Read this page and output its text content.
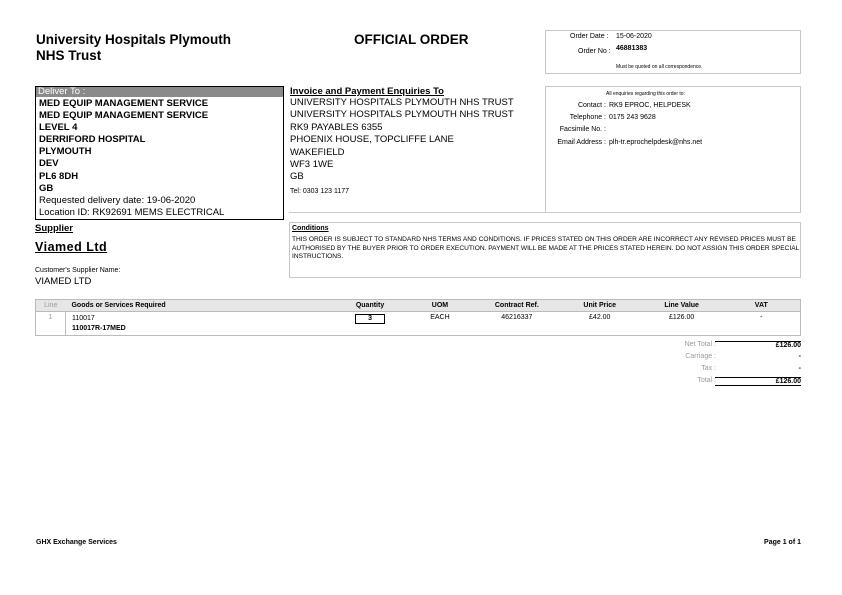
University Hospitals Plymouth
NHS Trust
OFFICIAL ORDER	Order Date : 15-06-2020
Order No : 46881383
Must be quoted on all correspondence.
Deliver To :
MED EQUIP MANAGEMENT SERVICE
MED EQUIP MANAGEMENT SERVICE
LEVEL 4
DERRIFORD HOSPITAL
PLYMOUTH
DEV
PL6 8DH
GB
Requested delivery date: 19-06-2020
Location ID: RK92691 MEMS ELECTRICAL
Invoice and Payment Enquiries To
UNIVERSITY HOSPITALS PLYMOUTH NHS TRUST
UNIVERSITY HOSPITALS PLYMOUTH NHS TRUST
RK9 PAYABLES 6355
PHOENIX HOUSE, TOPCLIFFE LANE
WAKEFIELD
WF3 1WE
GB
Tel: 0303 123 1177
All enquiries regarding this order to:
Contact : RK9 EPROC, HELPDESK
Telephone : 0175 243 9628
Facsimile No. :
Email Address : plh-tr.eprochelpdesk@nhs.net
Supplier
Viamed Ltd
Customer's Supplier Name:
VIAMED LTD
Conditions
THIS ORDER IS SUBJECT TO STANDARD NHS TERMS AND CONDITIONS. IF PRICES STATED ON THIS ORDER ARE INCORRECT ANY REVISED PRICES MUST BE AUTHORISED BY THE BUYER PRIOR TO ORDER EXECUTION. PAYMENT WILL BE MADE AT THE PRICES STATED HEREIN. DO NOT ASSIGN THIS ORDER SPECIAL INSTRUCTIONS.
Line	Goods or Services Required	Quantity	UOM	Contract Ref.	Unit Price	Line Value	VAT
1	110017
110017R-17MED	3	EACH	46216337	£42.00	£126.00	-
Net Total :	£126.00
Carriage :	-
Tax :	-
Total :	£126.00
GHX Exchange Services	Page 1 of 1
